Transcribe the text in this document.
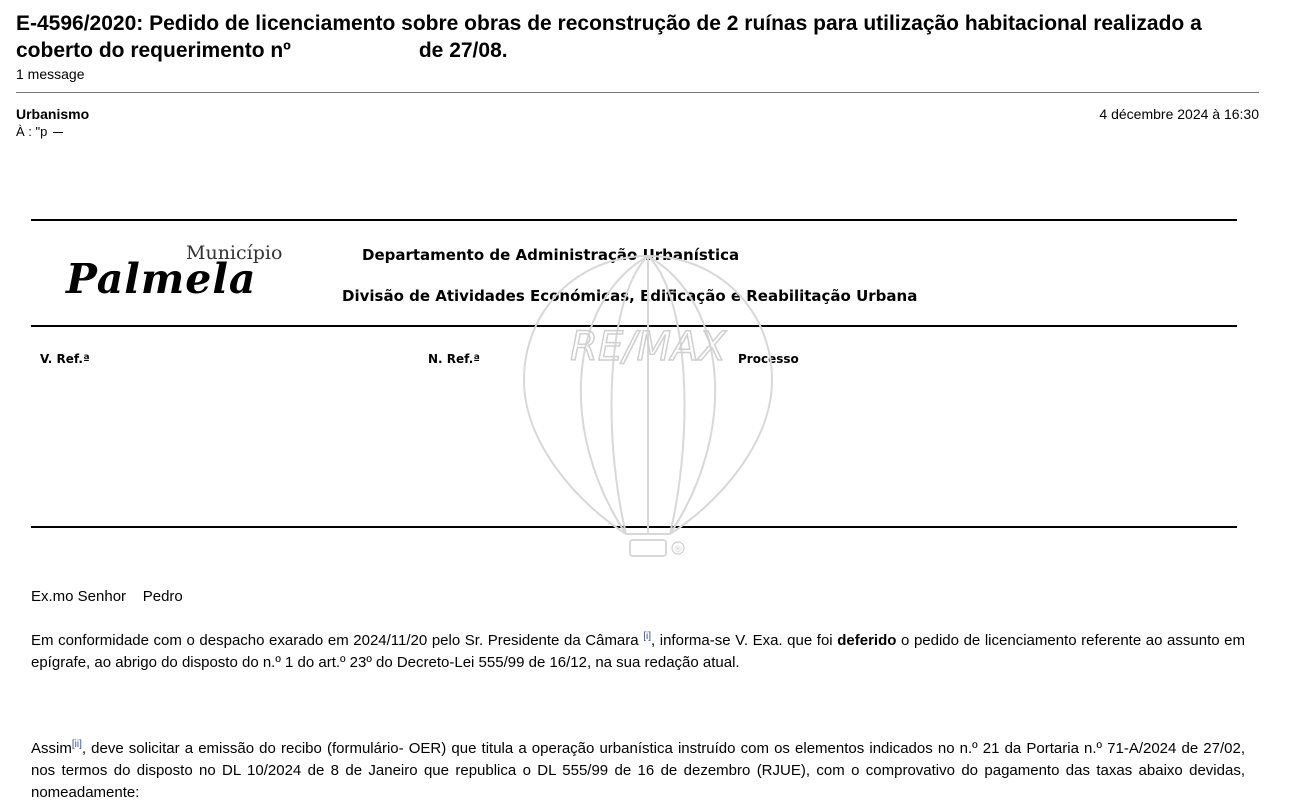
E-4596/2020: Pedido de licenciamento sobre obras de reconstrução de 2 ruínas para utilização habitacional realizado a coberto do requerimento nº	de 27/08.
1 message
Urbanismo
À : "p
4 décembre 2024 à 16:30
Município
Palmela	Departamento de Administração Urbanística
Divisão de Atividades Económicas, Edificação e Reabilitação Urbana
V. Ref.ª	N. Ref.ª	Processo
RE/MAX
®
Ex.mo Senhor Pedro
Em conformidade com o despacho exarado em 2024/11/20 pelo Sr. Presidente da Câmara [i], informa-se V. Exa. que foi deferido o pedido de licenciamento referente ao assunto em epígrafe, ao abrigo do disposto do n.º 1 do art.º 23º do Decreto-Lei 555/99 de 16/12, na sua redação atual.
Assim[ii], deve solicitar a emissão do recibo (formulário- OER) que titula a operação urbanística instruído com os elementos indicados no n.º 21 da Portaria n.º 71-A/2024 de 27/02, nos termos do disposto no DL 10/2024 de 8 de Janeiro que republica o DL 555/99 de 16 de dezembro (RJUE), com o comprovativo do pagamento das taxas abaixo devidas, nomeadamente:
